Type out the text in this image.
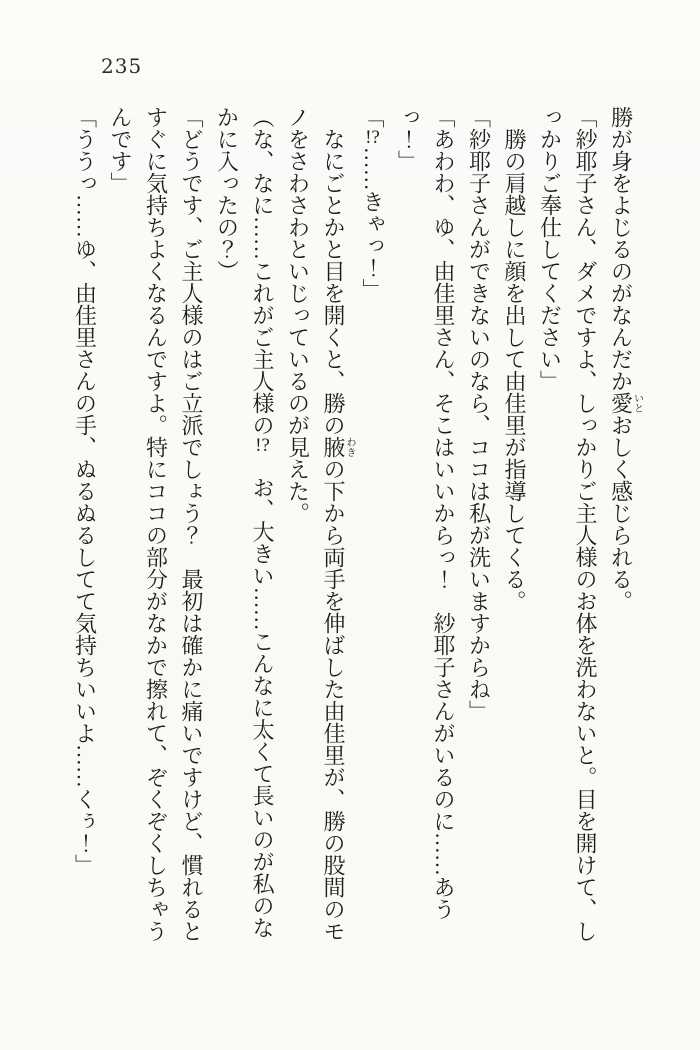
235

勝が身をよじるのがなんだか愛いとおしく感じられる。

「紗耶子さん、ダメですよ、しっかりご主人様のお体を洗わないと。目を開けて、しっかりご奉仕してください」

勝の肩越しに顔を出して由佳里が指導してくる。

「紗耶子さんができないのなら、ココは私が洗いますからね」

「あわわ、ゆ、由佳里さん、そこはいいからっ！　紗耶子さんがいるのに……あうっ！」

「!?……きゃっ！」

なにごとかと目を開くと、勝の腋わきの下から両手を伸ばした由佳里が、勝の股間のモノをさわさわといじっているのが見えた。

（な、なに……これがご主人様の!?　お、大きい……こんなに太くて長いのが私のなかに入ったの？）

「どうです、ご主人様のはご立派でしょう？　最初は確かに痛いですけど、慣れるとすぐに気持ちよくなるんですよ。特にココの部分がなかで擦れて、ぞくぞくしちゃうんです」

「ううっ……ゆ、由佳里さんの手、ぬるぬるしてて気持ちいいよ……くぅ！」
